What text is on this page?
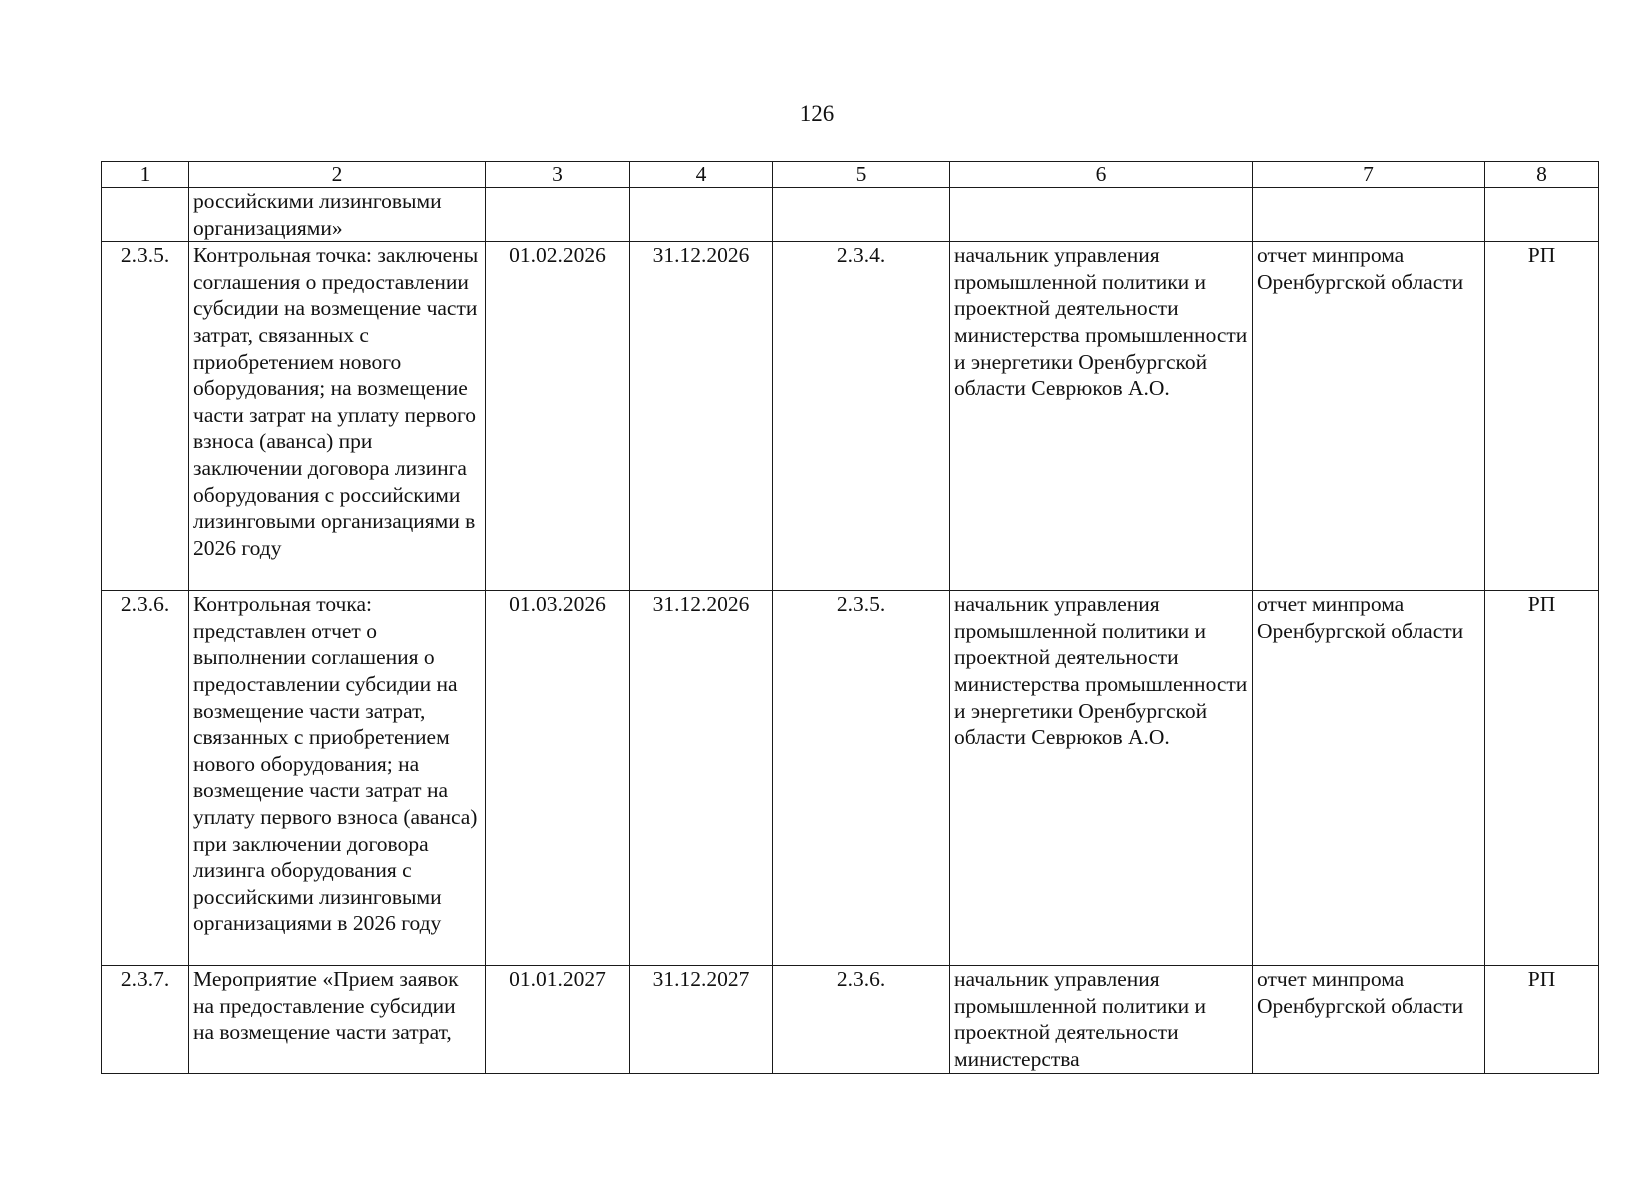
126
1	2	3	4	5	6	7	8
	российскими лизинговыми организациями»						
2.3.5.	Контрольная точка: заключены соглашения о предоставлении субсидии на возмещение части затрат, связанных с приобретением нового оборудования; на возмещение части затрат на уплату первого взноса (аванса) при заключении договора лизинга оборудования с российскими лизинговыми организациями в 2026 году	01.02.2026	31.12.2026	2.3.4.	начальник управления промышленной политики и проектной деятельности министерства промышленности и энергетики Оренбургской области Севрюков А.О.	отчет минпрома Оренбургской области	РП
2.3.6.	Контрольная точка: представлен отчет о выполнении соглашения о предоставлении субсидии на возмещение части затрат, связанных с приобретением нового оборудования; на возмещение части затрат на уплату первого взноса (аванса) при заключении договора лизинга оборудования с российскими лизинговыми организациями в 2026 году	01.03.2026	31.12.2026	2.3.5.	начальник управления промышленной политики и проектной деятельности министерства промышленности и энергетики Оренбургской области Севрюков А.О.	отчет минпрома Оренбургской области	РП
2.3.7.	Мероприятие «Прием заявок на предоставление субсидии на возмещение части затрат,	01.01.2027	31.12.2027	2.3.6.	начальник управления промышленной политики и проектной деятельности министерства	отчет минпрома Оренбургской области	РП
